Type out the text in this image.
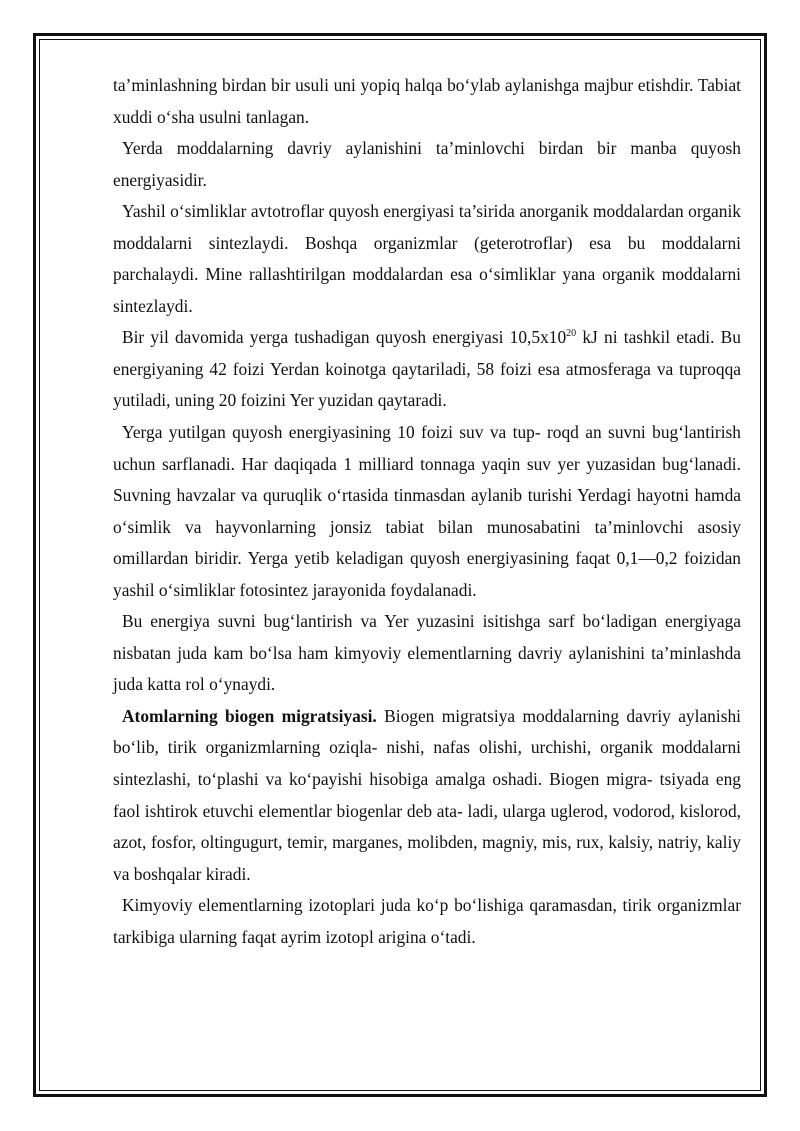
ta’minlashning birdan bir usuli uni yopiq halqa bo‘ylab aylanishga majbur etishdir. Tabiat xuddi o‘sha usulni tanlagan.

Yerda moddalarning davriy aylanishini ta’minlovchi birdan bir manba quyosh energiyasidir.

Yashil o‘simliklar avtotroflar quyosh energiyasi ta’sirida anorganik moddalardan organik moddalarni sintezlaydi. Boshqa organizmlar (geterotroflar) esa bu moddalarni parchalaydi. Mine rallashtirilgan moddalardan esa o‘simliklar yana organik moddalarni sintezlaydi.

Bir yil davomida yerga tushadigan quyosh energiyasi $10,5x10^{20}$ kJ ni tashkil etadi. Bu energiyaning 42 foizi Yerdan koinotga qaytariladi, 58 foizi esa atmosferaga va tuproqqa yutiladi, uning 20 foizini Yer yuzidan qaytaradi.

Yerga yutilgan quyosh energiyasining 10 foizi suv va tup- roqd an suvni bug‘lantirish uchun sarflanadi. Har daqiqada 1 milliard tonnaga yaqin suv yer yuzasidan bug‘lanadi. Suvning havzalar va quruqlik o‘rtasida tinmasdan aylanib turishi Yerdagi hayotni hamda o‘simlik va hayvonlarning jonsiz tabiat bilan munosabatini ta’minlovchi asosiy omillardan biridir. Yerga yetib keladigan quyosh energiyasining faqat 0,1—0,2 foizidan yashil o‘simliklar fotosintez jarayonida foydalanadi.

Bu energiya suvni bug‘lantirish va Yer yuzasini isitishga sarf bo‘ladigan energiyaga nisbatan juda kam bo‘lsa ham kimyoviy elementlarning davriy aylanishini ta’minlashda juda katta rol o‘ynaydi.

Atomlarning biogen migratsiyasi. Biogen migratsiya moddalarning davriy aylanishi bo‘lib, tirik organizmlarning oziqla- nishi, nafas olishi, urchishi, organik moddalarni sintezlashi, to‘plashi va ko‘payishi hisobiga amalga oshadi. Biogen migra- tsiyada eng faol ishtirok etuvchi elementlar biogenlar deb ata- ladi, ularga uglerod, vodorod, kislorod, azot, fosfor, oltingugurt, temir, marganes, molibden, magniy, mis, rux, kalsiy, natriy, kaliy va boshqalar kiradi.

Kimyoviy elementlarning izotoplari juda ko‘p bo‘lishiga qaramasdan, tirik organizmlar tarkibiga ularning faqat ayrim izotopl arigina o‘tadi.
